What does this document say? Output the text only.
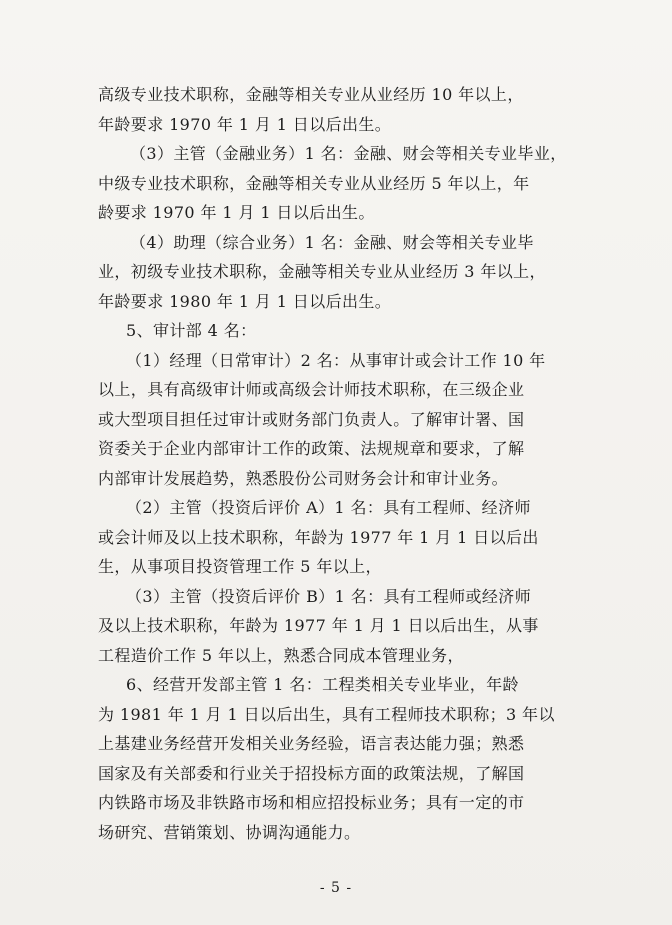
高级专业技术职称，金融等相关专业从业经历 10 年以上，
年龄要求 1970 年 1 月 1 日以后出生。
（3）主管（金融业务）1 名：金融、财会等相关专业毕业，
中级专业技术职称，金融等相关专业从业经历 5 年以上，年
龄要求 1970 年 1 月 1 日以后出生。
（4）助理（综合业务）1 名：金融、财会等相关专业毕
业，初级专业技术职称，金融等相关专业从业经历 3 年以上，
年龄要求 1980 年 1 月 1 日以后出生。
5、审计部 4 名：
（1）经理（日常审计）2 名：从事审计或会计工作 10 年
以上，具有高级审计师或高级会计师技术职称，在三级企业
或大型项目担任过审计或财务部门负责人。了解审计署、国
资委关于企业内部审计工作的政策、法规规章和要求，了解
内部审计发展趋势，熟悉股份公司财务会计和审计业务。
（2）主管（投资后评价 A）1 名：具有工程师、经济师
或会计师及以上技术职称，年龄为 1977 年 1 月 1 日以后出
生，从事项目投资管理工作 5 年以上，
（3）主管（投资后评价 B）1 名：具有工程师或经济师
及以上技术职称，年龄为 1977 年 1 月 1 日以后出生，从事
工程造价工作 5 年以上，熟悉合同成本管理业务，
6、经营开发部主管 1 名：工程类相关专业毕业，年龄
为 1981 年 1 月 1 日以后出生，具有工程师技术职称；3 年以
上基建业务经营开发相关业务经验，语言表达能力强；熟悉
国家及有关部委和行业关于招投标方面的政策法规，了解国
内铁路市场及非铁路市场和相应招投标业务；具有一定的市
场研究、营销策划、协调沟通能力。
- 5 -
